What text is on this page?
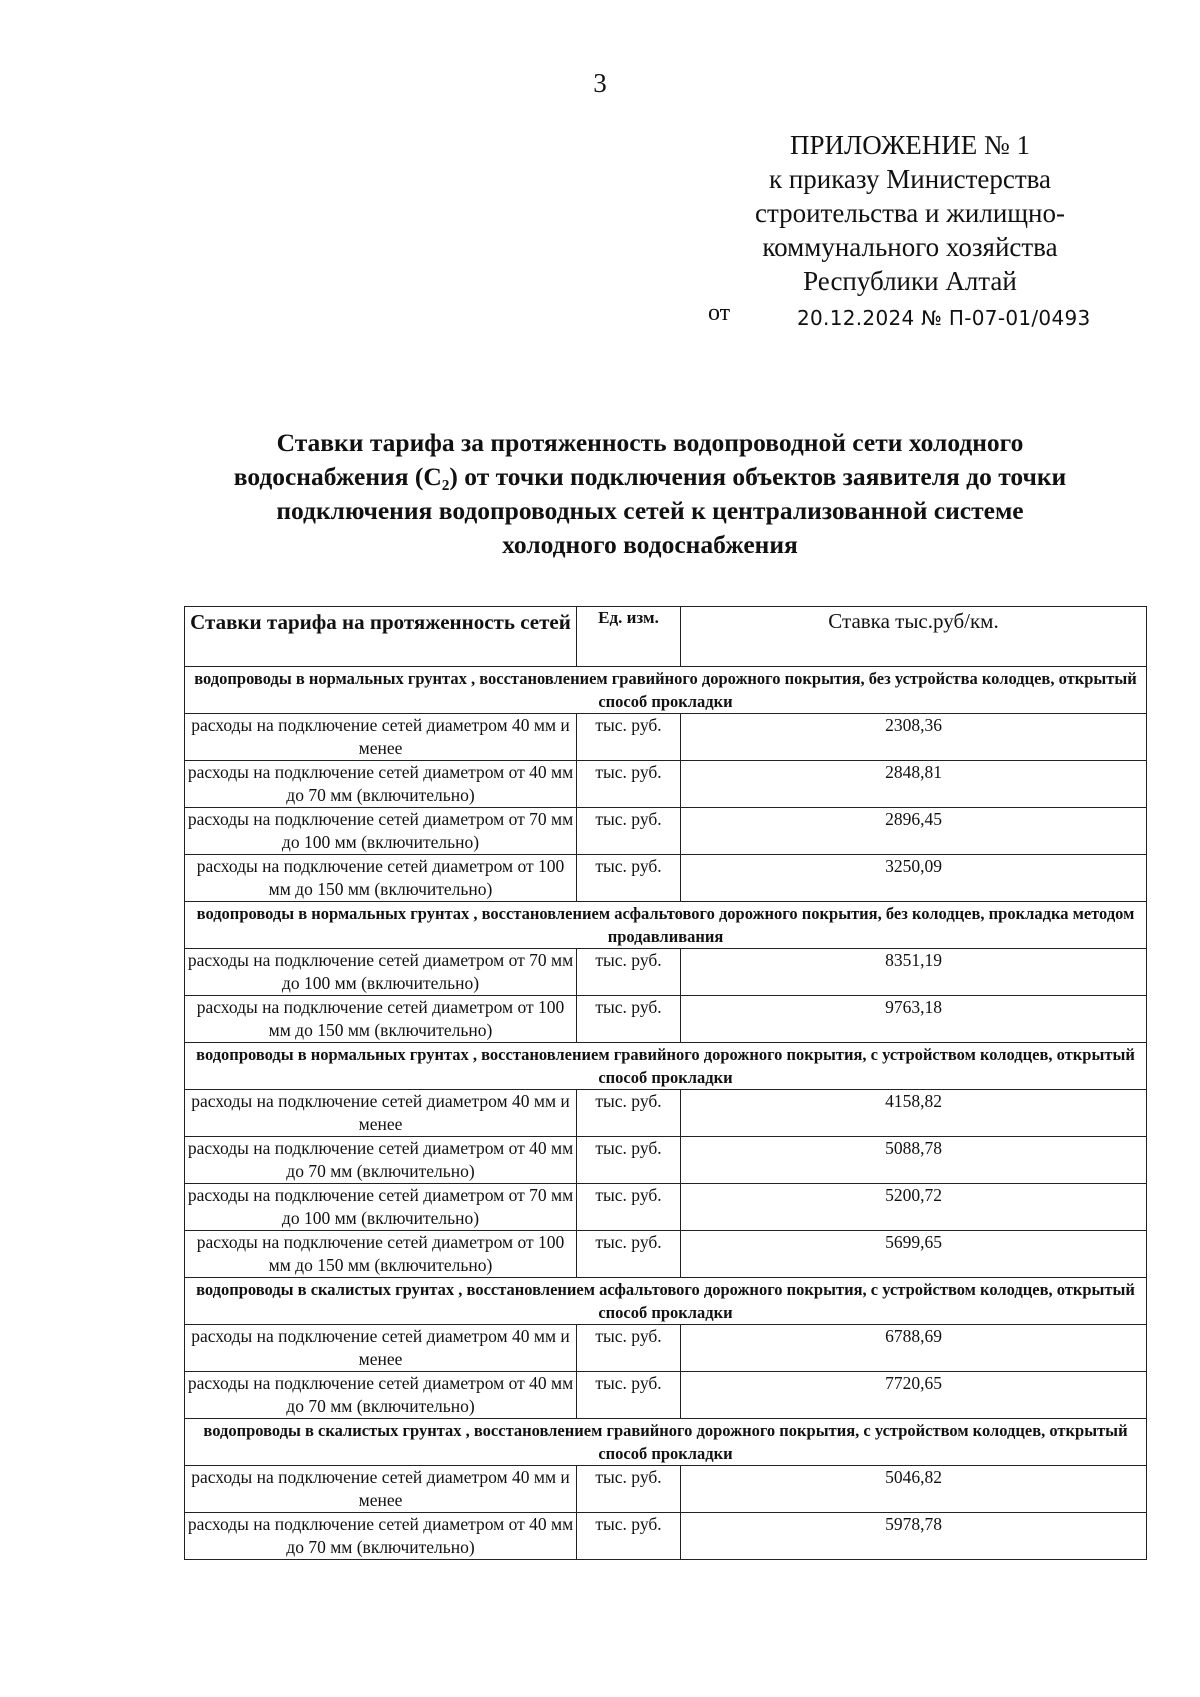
3
ПРИЛОЖЕНИЕ № 1
к приказу Министерства
строительства и жилищно-
коммунального хозяйства
Республики Алтай
от	20.12.2024 № П-07-01/0493
Ставки тарифа за протяженность водопроводной сети холодного
водоснабжения (С₂) от точки подключения объектов заявителя до точки
подключения водопроводных сетей к централизованной системе
холодного водоснабжения
Ставки тарифа на протяженность сетей	Ед. изм.	Ставка тыс.руб/км.
водопроводы в нормальных грунтах , восстановлением гравийного дорожного покрытия, без устройства колодцев, открытый способ прокладки		
расходы на подключение сетей диаметром 40 мм и менее	тыс. руб.	2308,36
расходы на подключение сетей диаметром от 40 мм до 70 мм (включительно)	тыс. руб.	2848,81
расходы на подключение сетей диаметром от 70 мм до 100 мм (включительно)	тыс. руб.	2896,45
расходы на подключение сетей диаметром от 100 мм до 150 мм (включительно)	тыс. руб.	3250,09
водопроводы в нормальных грунтах , восстановлением асфальтового дорожного покрытия, без колодцев, прокладка методом продавливания		
расходы на подключение сетей диаметром от 70 мм до 100 мм (включительно)	тыс. руб.	8351,19
расходы на подключение сетей диаметром от 100 мм до 150 мм (включительно)	тыс. руб.	9763,18
водопроводы в нормальных грунтах , восстановлением гравийного дорожного покрытия, с устройством колодцев, открытый способ прокладки		
расходы на подключение сетей диаметром 40 мм и менее	тыс. руб.	4158,82
расходы на подключение сетей диаметром от 40 мм до 70 мм (включительно)	тыс. руб.	5088,78
расходы на подключение сетей диаметром от 70 мм до 100 мм (включительно)	тыс. руб.	5200,72
расходы на подключение сетей диаметром от 100 мм до 150 мм (включительно)	тыс. руб.	5699,65
водопроводы в скалистых грунтах , восстановлением асфальтового дорожного покрытия, с устройством колодцев, открытый способ прокладки		
расходы на подключение сетей диаметром 40 мм и менее	тыс. руб.	6788,69
расходы на подключение сетей диаметром от 40 мм до 70 мм (включительно)	тыс. руб.	7720,65
водопроводы в скалистых грунтах , восстановлением гравийного дорожного покрытия, с устройством колодцев, открытый способ прокладки		
расходы на подключение сетей диаметром 40 мм и менее	тыс. руб.	5046,82
расходы на подключение сетей диаметром от 40 мм до 70 мм (включительно)	тыс. руб.	5978,78
